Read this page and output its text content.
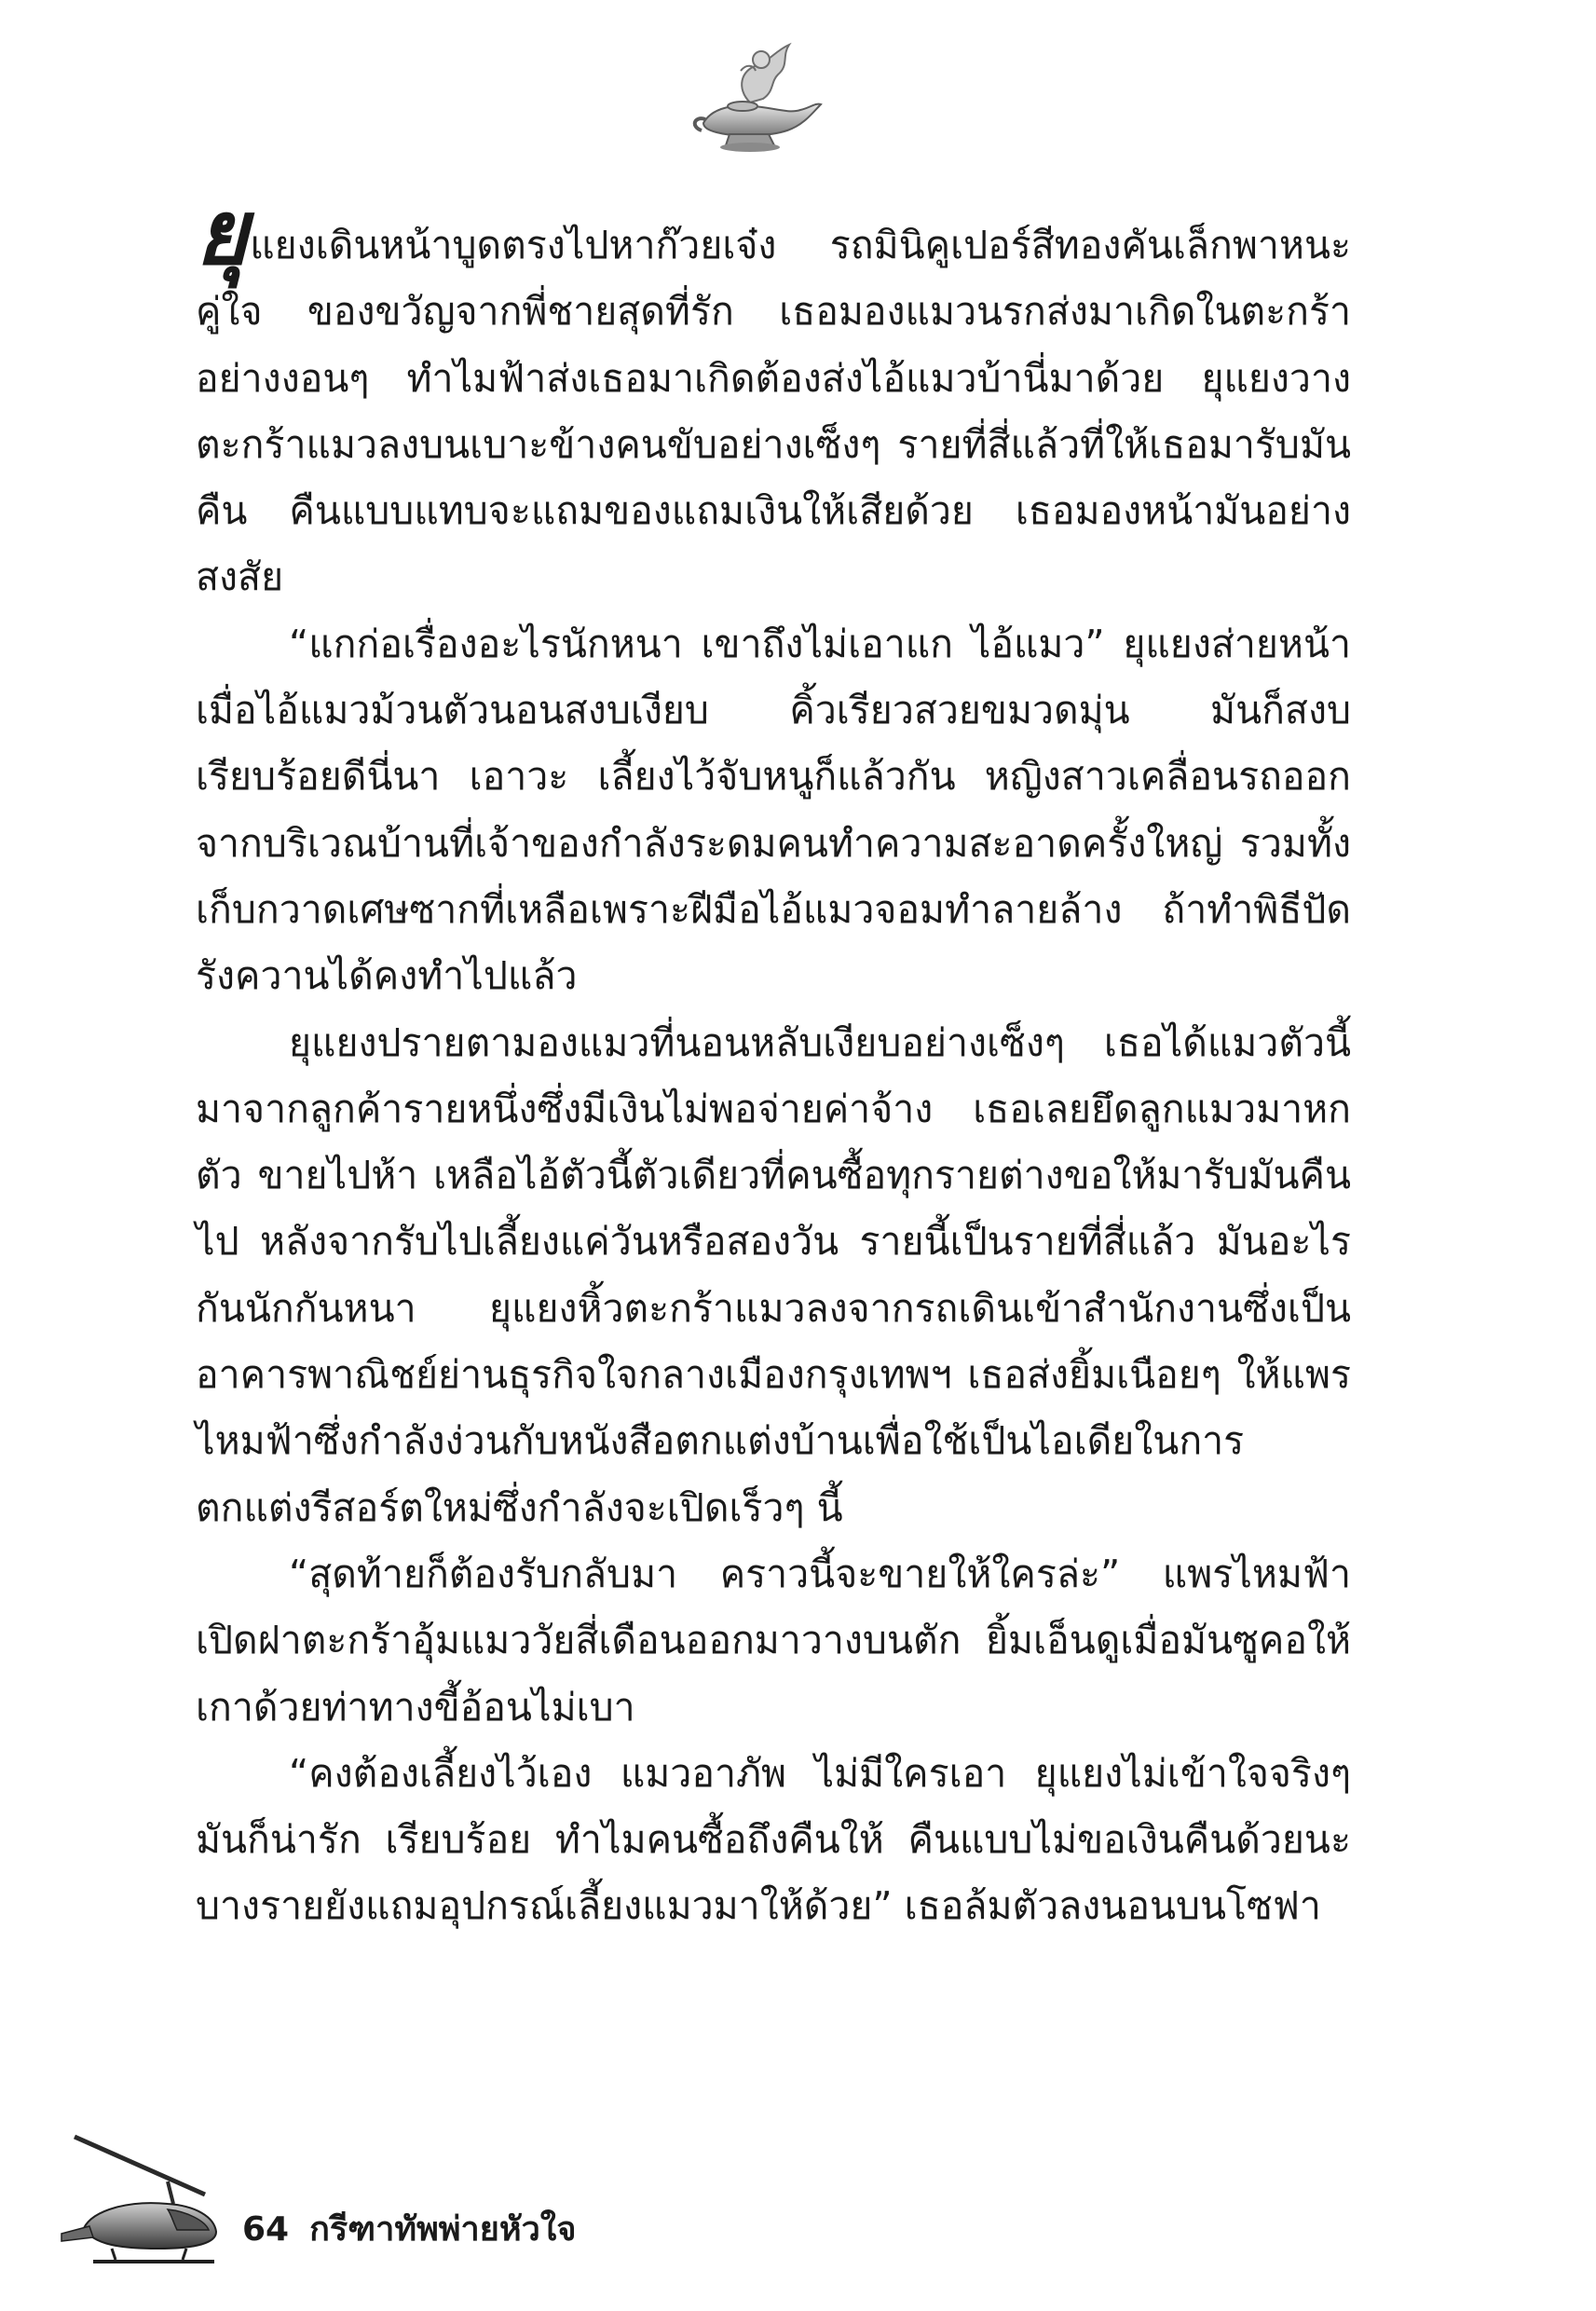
ยุแยงเดินหน้าบูดตรงไปหาก๊วยเจ๋ง รถมินิคูเปอร์สีทองคันเล็กพาหนะคู่ใจ ของขวัญจากพี่ชายสุดที่รัก เธอมองแมวนรกส่งมาเกิดในตะกร้าอย่างงอนๆ ทำไมฟ้าส่งเธอมาเกิดต้องส่งไอ้แมวบ้านี่มาด้วย ยุแยงวางตะกร้าแมวลงบนเบาะข้างคนขับอย่างเซ็งๆ รายที่สี่แล้วที่ให้เธอมารับมันคืน คืนแบบแทบจะแถมของแถมเงินให้เสียด้วย เธอมองหน้ามันอย่างสงสัย

“แกก่อเรื่องอะไรนักหนา เขาถึงไม่เอาแก ไอ้แมว” ยุแยงส่ายหน้าเมื่อไอ้แมวม้วนตัวนอนสงบเงียบ คิ้วเรียวสวยขมวดมุ่น มันก็สงบเรียบร้อยดีนี่นา เอาวะ เลี้ยงไว้จับหนูก็แล้วกัน หญิงสาวเคลื่อนรถออกจากบริเวณบ้านที่เจ้าของกำลังระดมคนทำความสะอาดครั้งใหญ่ รวมทั้งเก็บกวาดเศษซากที่เหลือเพราะฝีมือไอ้แมวจอมทำลายล้าง ถ้าทำพิธีปัดรังควานได้คงทำไปแล้ว

ยุแยงปรายตามองแมวที่นอนหลับเงียบอย่างเซ็งๆ เธอได้แมวตัวนี้มาจากลูกค้ารายหนึ่งซึ่งมีเงินไม่พอจ่ายค่าจ้าง เธอเลยยึดลูกแมวมาหกตัว ขายไปห้า เหลือไอ้ตัวนี้ตัวเดียวที่คนซื้อทุกรายต่างขอให้มารับมันคืนไป หลังจากรับไปเลี้ยงแค่วันหรือสองวัน รายนี้เป็นรายที่สี่แล้ว มันอะไรกันนักกันหนา ยุแยงหิ้วตะกร้าแมวลงจากรถเดินเข้าสำนักงานซึ่งเป็นอาคารพาณิชย์ย่านธุรกิจใจกลางเมืองกรุงเทพฯ เธอส่งยิ้มเนือยๆ ให้แพรไหมฟ้าซึ่งกำลังง่วนกับหนังสือตกแต่งบ้านเพื่อใช้เป็นไอเดียในการตกแต่งรีสอร์ตใหม่ซึ่งกำลังจะเปิดเร็วๆ นี้

“สุดท้ายก็ต้องรับกลับมา คราวนี้จะขายให้ใครล่ะ” แพรไหมฟ้าเปิดฝาตะกร้าอุ้มแมววัยสี่เดือนออกมาวางบนตัก ยิ้มเอ็นดูเมื่อมันซูคอให้เกาด้วยท่าทางขี้อ้อนไม่เบา

“คงต้องเลี้ยงไว้เอง แมวอาภัพ ไม่มีใครเอา ยุแยงไม่เข้าใจจริงๆ มันก็น่ารัก เรียบร้อย ทำไมคนซื้อถึงคืนให้ คืนแบบไม่ขอเงินคืนด้วยนะ บางรายยังแถมอุปกรณ์เลี้ยงแมวมาให้ด้วย” เธอล้มตัวลงนอนบนโซฟา

64 กรีฑาทัพพ่ายหัวใจ
